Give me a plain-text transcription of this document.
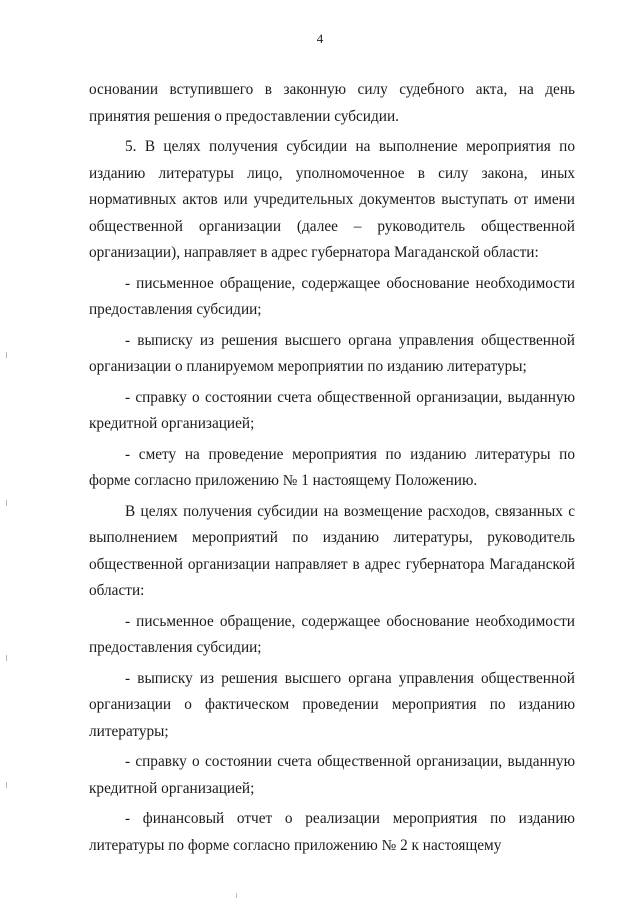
4

основании вступившего в законную силу судебного акта, на день принятия решения о предоставлении субсидии.

5. В целях получения субсидии на выполнение мероприятия по изданию литературы лицо, уполномоченное в силу закона, иных нормативных актов или учредительных документов выступать от имени общественной организации (далее – руководитель общественной организации), направляет в адрес губернатора Магаданской области:

- письменное обращение, содержащее обоснование необходимости предоставления субсидии;

- выписку из решения высшего органа управления общественной организации о планируемом мероприятии по изданию литературы;

- справку о состоянии счета общественной организации, выданную кредитной организацией;

- смету на проведение мероприятия по изданию литературы по форме согласно приложению № 1 настоящему Положению.

В целях получения субсидии на возмещение расходов, связанных с выполнением мероприятий по изданию литературы, руководитель общественной организации направляет в адрес губернатора Магаданской области:

- письменное обращение, содержащее обоснование необходимости предоставления субсидии;

- выписку из решения высшего органа управления общественной организации о фактическом проведении мероприятия по изданию литературы;

- справку о состоянии счета общественной организации, выданную кредитной организацией;

- финансовый отчет о реализации мероприятия по изданию литературы по форме согласно приложению № 2 к настоящему
